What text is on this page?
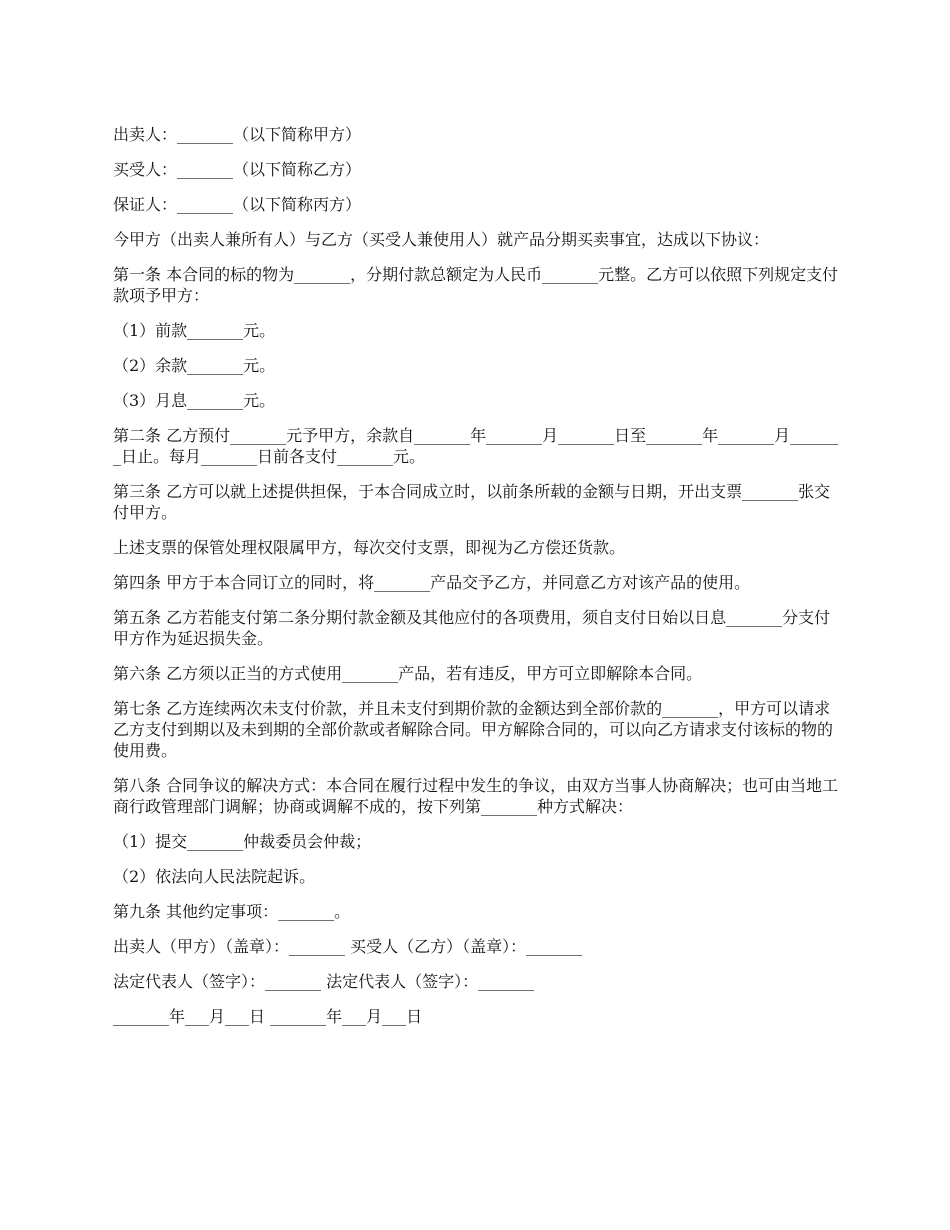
出卖人：_______（以下简称甲方）

买受人：_______（以下简称乙方）

保证人：_______（以下简称丙方）

今甲方（出卖人兼所有人）与乙方（买受人兼使用人）就产品分期买卖事宜，达成以下协议：

第一条 本合同的标的物为_______，分期付款总额定为人民币_______元整。乙方可以依照下列规定支付款项予甲方：

（1）前款_______元。

（2）余款_______元。

（3）月息_______元。

第二条 乙方预付_______元予甲方，余款自_______年_______月_______日至_______年_______月_______日止。每月_______日前各支付_______元。

第三条 乙方可以就上述提供担保，于本合同成立时，以前条所载的金额与日期，开出支票_______张交付甲方。

上述支票的保管处理权限属甲方，每次交付支票，即视为乙方偿还货款。

第四条 甲方于本合同订立的同时，将_______产品交予乙方，并同意乙方对该产品的使用。

第五条 乙方若能支付第二条分期付款金额及其他应付的各项费用，须自支付日始以日息_______分支付甲方作为延迟损失金。

第六条 乙方须以正当的方式使用_______产品，若有违反，甲方可立即解除本合同。

第七条 乙方连续两次未支付价款，并且未支付到期价款的金额达到全部价款的_______，甲方可以请求乙方支付到期以及未到期的全部价款或者解除合同。甲方解除合同的，可以向乙方请求支付该标的物的使用费。

第八条 合同争议的解决方式：本合同在履行过程中发生的争议，由双方当事人协商解决；也可由当地工商行政管理部门调解；协商或调解不成的，按下列第_______种方式解决：

（1）提交_______仲裁委员会仲裁；

（2）依法向人民法院起诉。

第九条 其他约定事项：_______。

出卖人（甲方）（盖章）：_______ 买受人（乙方）（盖章）：_______

法定代表人（签字）：_______ 法定代表人（签字）：_______

_______年___月___日 _______年___月___日
